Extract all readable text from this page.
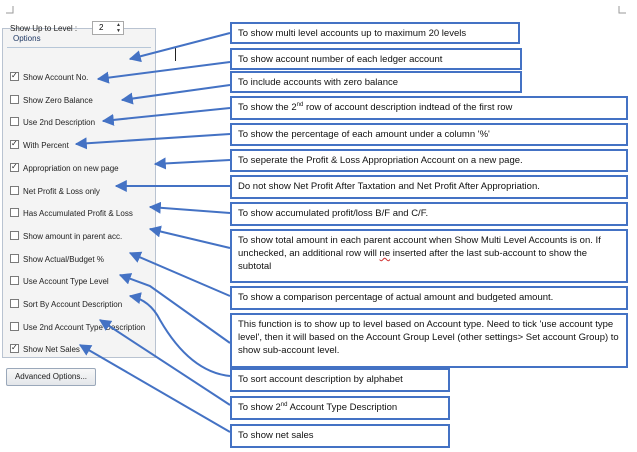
Options
Show Up to Level :	2	▲
▼
✓Show Account No.
Show Zero Balance
Use 2nd Description
✓With Percent
✓Appropriation on new page
Net Profit & Loss only
Has Accumulated Profit & Loss
Show amount in parent acc.
Show Actual/Budget %
Use Account Type Level
Sort By Account Description
Use 2nd Account Type Description
✓Show Net Sales
Advanced Options...
To show multi level accounts up to maximum 20 levels
To show account number of each ledger account
To include accounts with zero balance
To show the 2nd row of account description indtead of the first row
To show the percentage of each amount under a column '%'
To seperate the Profit & Loss Appropriation Account on a new page.
Do not show Net Profit After Taxtation and Net Profit After Appropriation.
To show accumulated profit/loss B/F and C/F.
To show total amount in each parent account when Show Multi Level Accounts is on. If unchecked, an additional row will ne inserted after the last sub-account to show the subtotal
To show a comparison percentage of actual amount and budgeted amount.
This function is to show up to level based on Account type. Need to tick 'use account type level', then it will based on the Account Group Level (other settings> Set account Group) to show sub-account level.
To sort account description by alphabet
To show 2nd Account Type Description
To show net sales
